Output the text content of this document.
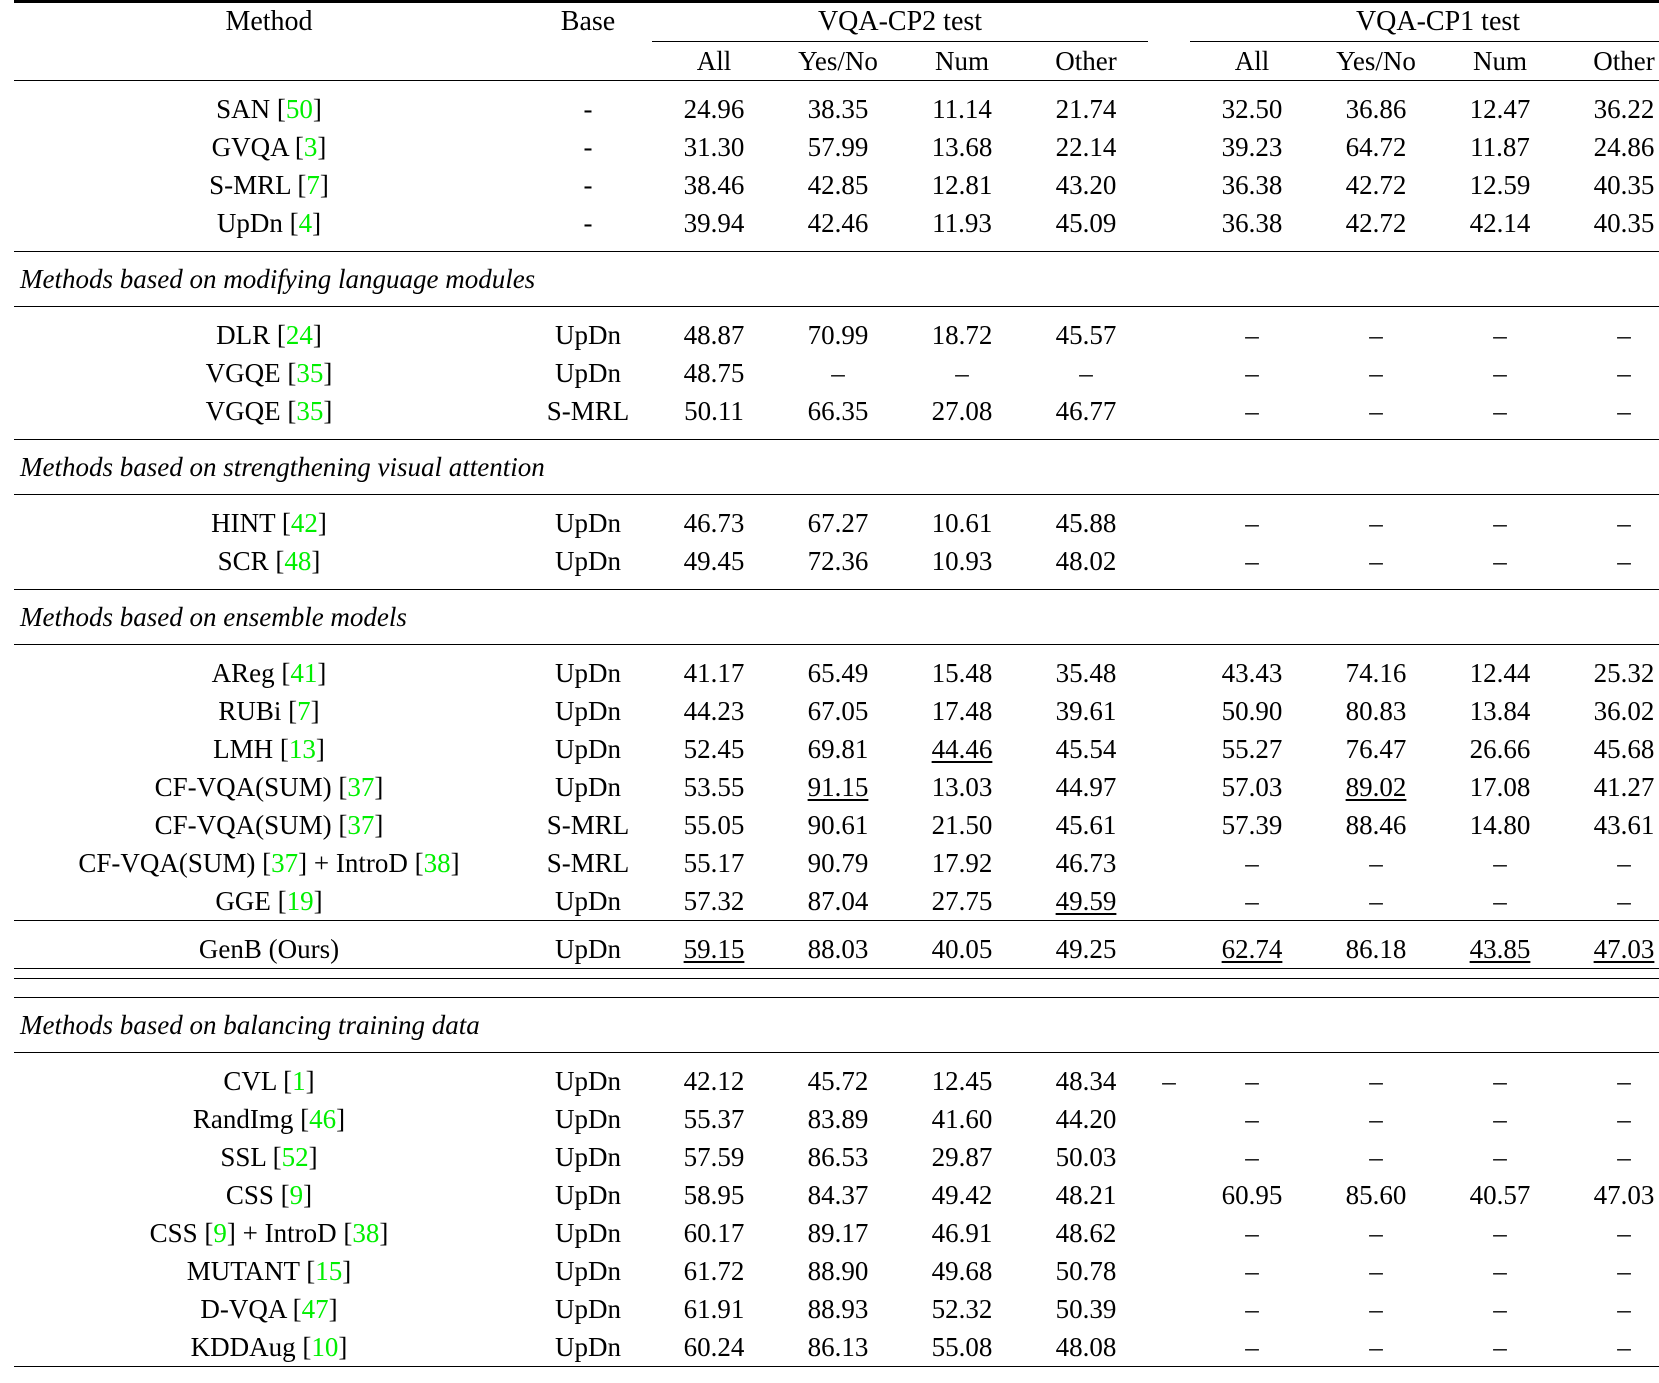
Method	Base	VQA-CP2 test					VQA-CP1 test			
		All	Yes/No	Num	Other		All	Yes/No	Num	Other

SAN [50]	-	24.96	38.35	11.14	21.74		32.50	36.86	12.47	36.22
GVQA [3]	-	31.30	57.99	13.68	22.14		39.23	64.72	11.87	24.86
S-MRL [7]	-	38.46	42.85	12.81	43.20		36.38	42.72	12.59	40.35
UpDn [4]	-	39.94	42.46	11.93	45.09		36.38	42.72	42.14	40.35

Methods based on modifying language modules										

DLR [24]	UpDn	48.87	70.99	18.72	45.57		–	–	–	–
VGQE [35]	UpDn	48.75	–	–	–		–	–	–	–
VGQE [35]	S-MRL	50.11	66.35	27.08	46.77		–	–	–	–

Methods based on strengthening visual attention										

HINT [42]	UpDn	46.73	67.27	10.61	45.88		–	–	–	–
SCR [48]	UpDn	49.45	72.36	10.93	48.02		–	–	–	–

Methods based on ensemble models										

AReg [41]	UpDn	41.17	65.49	15.48	35.48		43.43	74.16	12.44	25.32
RUBi [7]	UpDn	44.23	67.05	17.48	39.61		50.90	80.83	13.84	36.02
LMH [13]	UpDn	52.45	69.81	44.46	45.54		55.27	76.47	26.66	45.68
CF-VQA(SUM) [37]	UpDn	53.55	91.15	13.03	44.97		57.03	89.02	17.08	41.27
CF-VQA(SUM) [37]	S-MRL	55.05	90.61	21.50	45.61		57.39	88.46	14.80	43.61
CF-VQA(SUM) [37] + IntroD [38]	S-MRL	55.17	90.79	17.92	46.73		–	–	–	–
GGE [19]	UpDn	57.32	87.04	27.75	49.59		–	–	–	–

GenB (Ours)	UpDn	59.15	88.03	40.05	49.25		62.74	86.18	43.85	47.03

Methods based on balancing training data										

CVL [1]	UpDn	42.12	45.72	12.45	48.34	–	–	–	–	–
RandImg [46]	UpDn	55.37	83.89	41.60	44.20		–	–	–	–
SSL [52]	UpDn	57.59	86.53	29.87	50.03		–	–	–	–
CSS [9]	UpDn	58.95	84.37	49.42	48.21		60.95	85.60	40.57	47.03
CSS [9] + IntroD [38]	UpDn	60.17	89.17	46.91	48.62		–	–	–	–
MUTANT [15]	UpDn	61.72	88.90	49.68	50.78		–	–	–	–
D-VQA [47]	UpDn	61.91	88.93	52.32	50.39		–	–	–	–
KDDAug [10]	UpDn	60.24	86.13	55.08	48.08		–	–	–	–
